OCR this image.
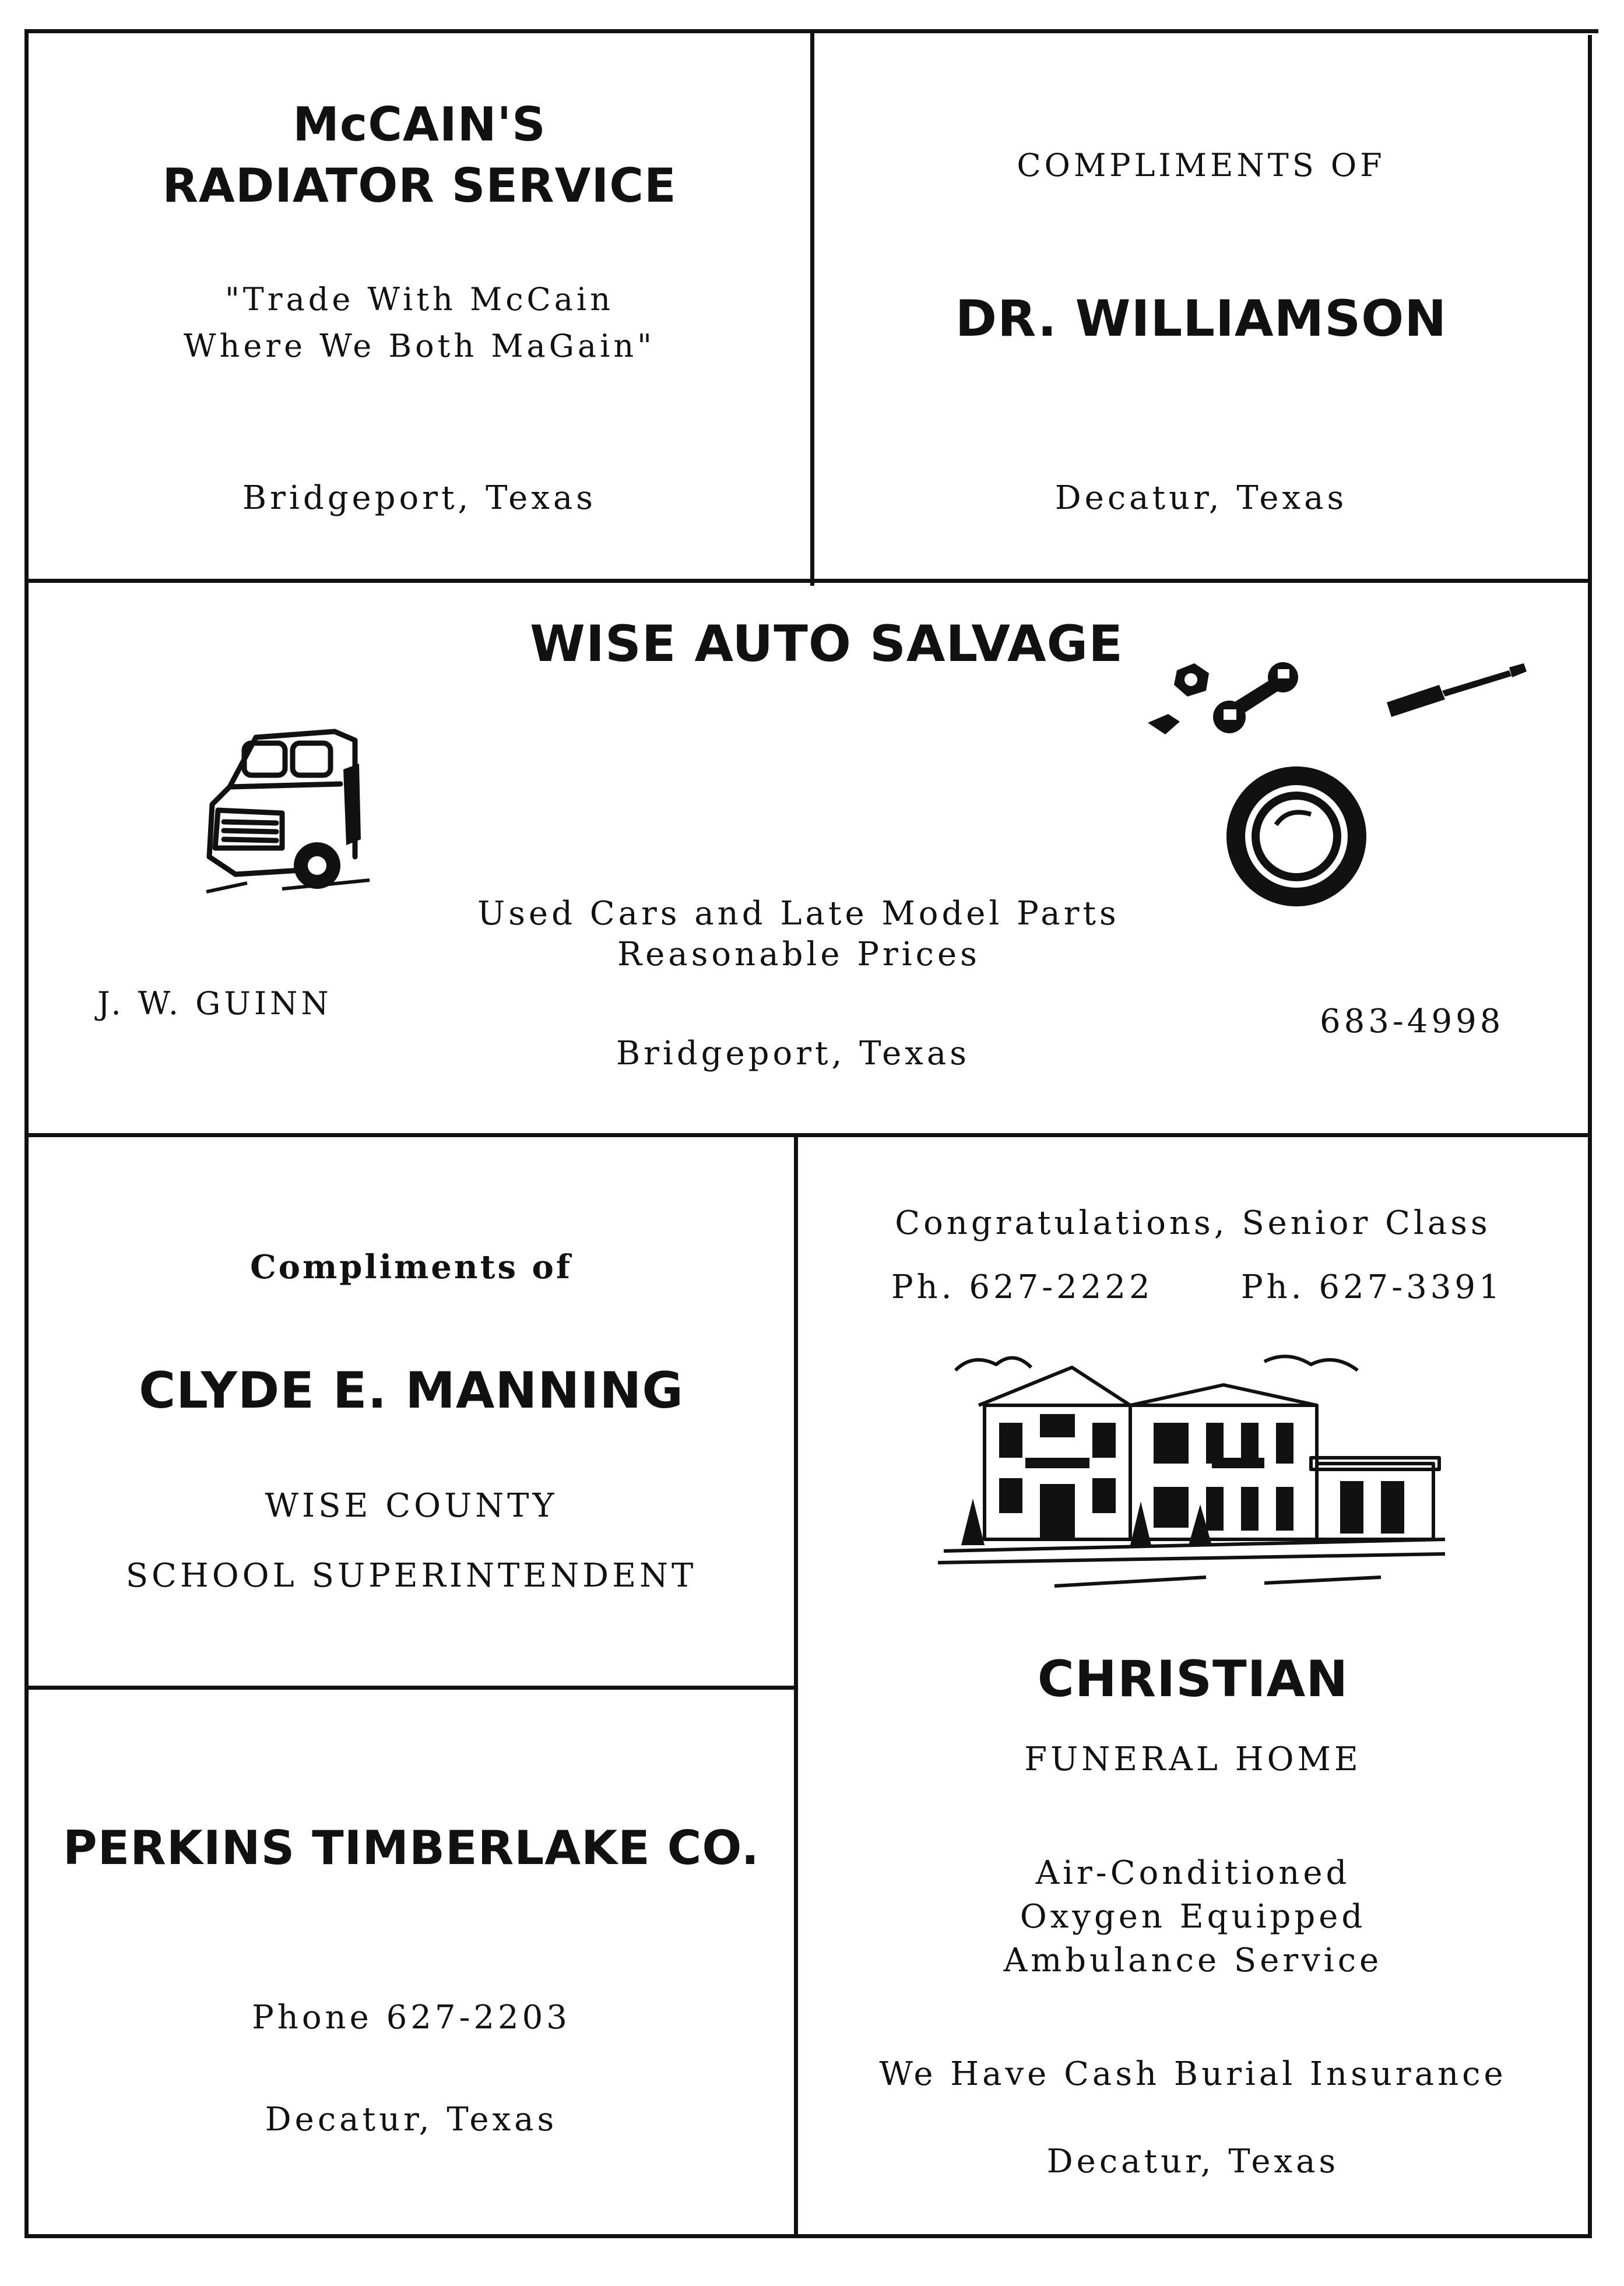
McCAIN'S
RADIATOR SERVICE
"Trade With McCain
Where We Both MaGain"
Bridgeport, Texas
COMPLIMENTS OF
DR. WILLIAMSON
Decatur, Texas
WISE AUTO SALVAGE
Used Cars and Late Model Parts
Reasonable Prices
J. W. GUINN	683-4998
Bridgeport, Texas
Compliments of
CLYDE E. MANNING
WISE COUNTY
SCHOOL SUPERINTENDENT
PERKINS TIMBERLAKE CO.
Phone 627-2203
Decatur, Texas
Congratulations, Senior Class
Ph. 627-2222	Ph. 627-3391
CHRISTIAN
FUNERAL HOME
Air-Conditioned
Oxygen Equipped
Ambulance Service
We Have Cash Burial Insurance
Decatur, Texas
